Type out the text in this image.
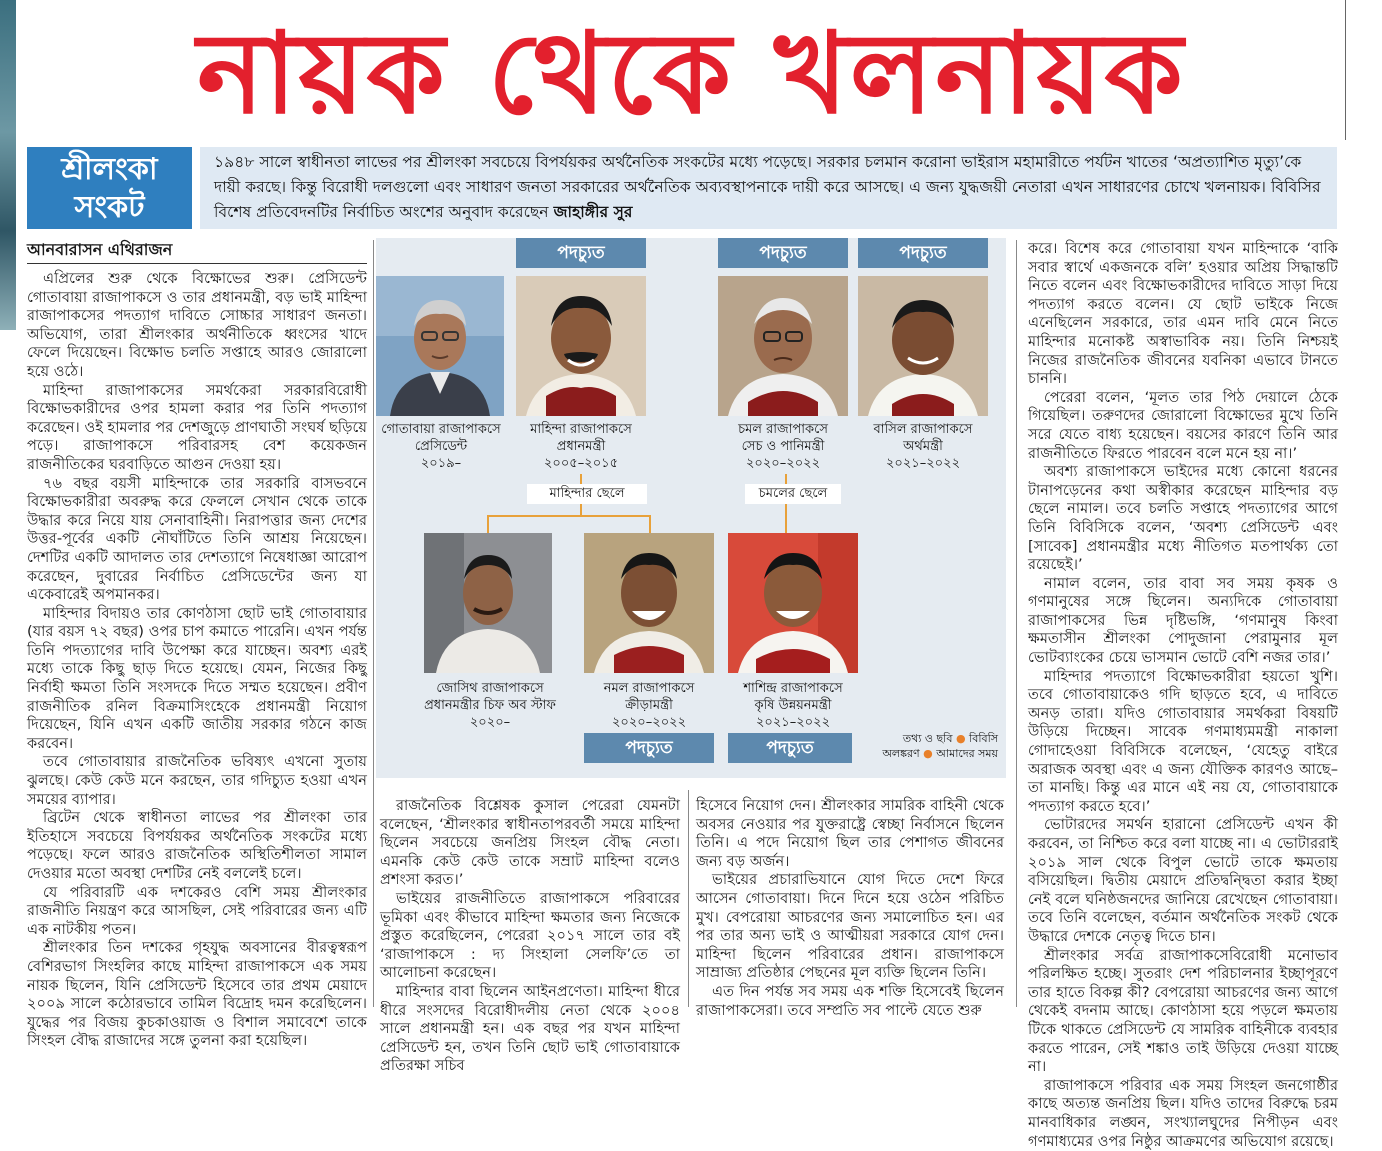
নায়ক থেকে খলনায়ক
শ্রীলংকা
সংকট
১৯৪৮ সালে স্বাধীনতা লাভের পর শ্রীলংকা সবচেয়ে বিপর্যয়কর অর্থনৈতিক সংকটের মধ্যে পড়েছে। সরকার চলমান করোনা ভাইরাস মহামারীতে পর্যটন খাতের ‘অপ্রত্যাশিত মৃত্যু’কে দায়ী করছে। কিন্তু বিরোধী দলগুলো এবং সাধারণ জনতা সরকারের অর্থনৈতিক অব্যবস্থাপনাকে দায়ী করে আসছে। এ জন্য যুদ্ধজয়ী নেতারা এখন সাধারণের চোখে খলনায়ক। বিবিসির বিশেষ প্রতিবেদনটির নির্বাচিত অংশের অনুবাদ করেছেন জাহাঙ্গীর সুর
আনবারাসন এথিরাজন

এপ্রিলের শুরু থেকে বিক্ষোভের শুরু। প্রেসিডেন্ট গোতাবায়া রাজাপাকসে ও তার প্রধানমন্ত্রী, বড় ভাই মাহিন্দা রাজাপাকসের পদত্যাগ দাবিতে সোচ্চার সাধারণ জনতা। অভিযোগ, তারা শ্রীলংকার অর্থনীতিকে ধ্বংসের খাদে ফেলে দিয়েছেন। বিক্ষোভ চলতি সপ্তাহে আরও জোরালো হয়ে ওঠে।

মাহিন্দা রাজাপাকসের সমর্থকেরা সরকারবিরোধী বিক্ষোভকারীদের ওপর হামলা করার পর তিনি পদত্যাগ করেছেন। ওই হামলার পর দেশজুড়ে প্রাণঘাতী সংঘর্ষ ছড়িয়ে পড়ে। রাজাপাকসে পরিবারসহ বেশ কয়েকজন রাজনীতিকের ঘরবাড়িতে আগুন দেওয়া হয়।

৭৬ বছর বয়সী মাহিন্দাকে তার সরকারি বাসভবনে বিক্ষোভকারীরা অবরুদ্ধ করে ফেললে সেখান থেকে তাকে উদ্ধার করে নিয়ে যায় সেনাবাহিনী। নিরাপত্তার জন্য দেশের উত্তর-পূর্বের একটি নৌঘাঁটিতে তিনি আশ্রয় নিয়েছেন। দেশটির একটি আদালত তার দেশত্যাগে নিষেধাজ্ঞা আরোপ করেছেন, দুবারের নির্বাচিত প্রেসিডেন্টের জন্য যা একেবারেই অপমানকর।

মাহিন্দার বিদায়ও তার কোণঠাসা ছোট ভাই গোতাবায়ার (যার বয়স ৭২ বছর) ওপর চাপ কমাতে পারেনি। এখন পর্যন্ত তিনি পদত্যাগের দাবি উপেক্ষা করে যাচ্ছেন। অবশ্য এরই মধ্যে তাকে কিছু ছাড় দিতে হয়েছে। যেমন, নিজের কিছু নির্বাহী ক্ষমতা তিনি সংসদকে দিতে সম্মত হয়েছেন। প্রবীণ রাজনীতিক রনিল বিক্রমাসিংহেকে প্রধানমন্ত্রী নিয়োগ দিয়েছেন, যিনি এখন একটি জাতীয় সরকার গঠনে কাজ করবেন।

তবে গোতাবায়ার রাজনৈতিক ভবিষ্যৎ এখনো সুতায় ঝুলছে। কেউ কেউ মনে করছেন, তার গদিচ্যুত হওয়া এখন সময়ের ব্যাপার।

ব্রিটেন থেকে স্বাধীনতা লাভের পর শ্রীলংকা তার ইতিহাসে সবচেয়ে বিপর্যয়কর অর্থনৈতিক সংকটের মধ্যে পড়েছে। ফলে আরও রাজনৈতিক অস্থিতিশীলতা সামাল দেওয়ার মতো অবস্থা দেশটির নেই বললেই চলে।

যে পরিবারটি এক দশকেরও বেশি সময় শ্রীলংকার রাজনীতি নিয়ন্ত্রণ করে আসছিল, সেই পরিবারের জন্য এটি এক নাটকীয় পতন।

শ্রীলংকার তিন দশকের গৃহযুদ্ধ অবসানের বীরত্বস্বরূপ বেশিরভাগ সিংহলির কাছে মাহিন্দা রাজাপাকসে এক সময় নায়ক ছিলেন, যিনি প্রেসিডেন্ট হিসেবে তার প্রথম মেয়াদে ২০০৯ সালে কঠোরভাবে তামিল বিদ্রোহ দমন করেছিলেন। যুদ্ধের পর বিজয় কুচকাওয়াজ ও বিশাল সমাবেশে তাকে সিংহল বৌদ্ধ রাজাদের সঙ্গে তুলনা করা হয়েছিল।

পদচ্যুত	পদচ্যুত	পদচ্যুত
গোতাবায়া রাজাপাকসে
প্রেসিডেন্ট
২০১৯–
মাহিন্দা রাজাপাকসে
প্রধানমন্ত্রী
২০০৫–২০১৫
চমল রাজাপাকসে
সেচ ও পানিমন্ত্রী
২০২০–২০২২
বাসিল রাজাপাকসে
অর্থমন্ত্রী
২০২১–২০২২
মাহিন্দার ছেলে	চমলের ছেলে
জোসিথ রাজাপাকসে
প্রধানমন্ত্রীর চিফ অব স্টাফ
২০২০–
নমল রাজাপাকসে
ক্রীড়ামন্ত্রী
২০২০–২০২২
শাশিন্দ্র রাজাপাকসে
কৃষি উন্নয়নমন্ত্রী
২০২১–২০২২
পদচ্যুত	পদচ্যুত	তথ্য ও ছবি ● বিবিসি
অলঙ্করণ ● আমাদের সময়

রাজনৈতিক বিশ্লেষক কুসাল পেরেরা যেমনটা বলেছেন, ‘শ্রীলংকার স্বাধীনতাপরবর্তী সময়ে মাহিন্দা ছিলেন সবচেয়ে জনপ্রিয় সিংহল বৌদ্ধ নেতা। এমনকি কেউ কেউ তাকে সম্রাট মাহিন্দা বলেও প্রশংসা করত।’

ভাইয়ের রাজনীতিতে রাজাপাকসে পরিবারের ভূমিকা এবং কীভাবে মাহিন্দা ক্ষমতার জন্য নিজেকে প্রস্তুত করেছিলেন, পেরেরা ২০১৭ সালে তার বই ‘রাজাপাকসে : দ্য সিংহালা সেলফি’তে তা আলোচনা করেছেন।

মাহিন্দার বাবা ছিলেন আইনপ্রণেতা। মাহিন্দা ধীরে ধীরে সংসদের বিরোধীদলীয় নেতা থেকে ২০০৪ সালে প্রধানমন্ত্রী হন। এক বছর পর যখন মাহিন্দা প্রেসিডেন্ট হন, তখন তিনি ছোট ভাই গোতাবায়াকে প্রতিরক্ষা সচিব

হিসেবে নিয়োগ দেন। শ্রীলংকার সামরিক বাহিনী থেকে অবসর নেওয়ার পর যুক্তরাষ্ট্রে স্বেচ্ছা নির্বাসনে ছিলেন তিনি। এ পদে নিয়োগ ছিল তার পেশাগত জীবনের জন্য বড় অর্জন।

ভাইয়ের প্রচারাভিযানে যোগ দিতে দেশে ফিরে আসেন গোতাবায়া। দিনে দিনে হয়ে ওঠেন পরিচিত মুখ। বেপরোয়া আচরণের জন্য সমালোচিত হন। এর পর তার অন্য ভাই ও আত্মীয়রা সরকারে যোগ দেন। মাহিন্দা ছিলেন পরিবারের প্রধান। রাজাপাকসে সাম্রাজ্য প্রতিষ্ঠার পেছনের মূল ব্যক্তি ছিলেন তিনি।

এত দিন পর্যন্ত সব সময় এক শক্তি হিসেবেই ছিলেন রাজাপাকসেরা। তবে সম্প্রতি সব পাল্টে যেতে শুরু

করে। বিশেষ করে গোতাবায়া যখন মাহিন্দাকে ‘বাকি সবার স্বার্থে একজনকে বলি’ হওয়ার অপ্রিয় সিদ্ধান্তটি নিতে বলেন এবং বিক্ষোভকারীদের দাবিতে সাড়া দিয়ে পদত্যাগ করতে বলেন। যে ছোট ভাইকে নিজে এনেছিলেন সরকারে, তার এমন দাবি মেনে নিতে মাহিন্দার মনোকষ্ট অস্বাভাবিক নয়। তিনি নিশ্চয়ই নিজের রাজনৈতিক জীবনের যবনিকা এভাবে টানতে চাননি।

পেরেরা বলেন, ‘মূলত তার পিঠ দেয়ালে ঠেকে গিয়েছিল। তরুণদের জোরালো বিক্ষোভের মুখে তিনি সরে যেতে বাধ্য হয়েছেন। বয়সের কারণে তিনি আর রাজনীতিতে ফিরতে পারবেন বলে মনে হয় না।’

অবশ্য রাজাপাকসে ভাইদের মধ্যে কোনো ধরনের টানাপড়েনের কথা অস্বীকার করেছেন মাহিন্দার বড় ছেলে নামাল। তবে চলতি সপ্তাহে পদত্যাগের আগে তিনি বিবিসিকে বলেন, ‘অবশ্য প্রেসিডেন্ট এবং [সাবেক] প্রধানমন্ত্রীর মধ্যে নীতিগত মতপার্থক্য তো রয়েছেই।’

নামাল বলেন, তার বাবা সব সময় কৃষক ও গণমানুষের সঙ্গে ছিলেন। অন্যদিকে গোতাবায়া রাজাপাকসের ভিন্ন দৃষ্টিভঙ্গি, ‘গণমানুষ কিংবা ক্ষমতাসীন শ্রীলংকা পোদুজানা পেরামুনার মূল ভোটব্যাংকের চেয়ে ভাসমান ভোটে বেশি নজর তার।’

মাহিন্দার পদত্যাগে বিক্ষোভকারীরা হয়তো খুশি। তবে গোতাবায়াকেও গদি ছাড়তে হবে, এ দাবিতে অনড় তারা। যদিও গোতাবায়ার সমর্থকরা বিষয়টি উড়িয়ে দিচ্ছেন। সাবেক গণমাধ্যমমন্ত্রী নাকালা গোদাহেওয়া বিবিসিকে বলেছেন, ‘যেহেতু বাইরে অরাজক অবস্থা এবং এ জন্য যৌক্তিক কারণও আছে– তা মানছি। কিন্তু এর মানে এই নয় যে, গোতাবায়াকে পদত্যাগ করতে হবে।’

ভোটারদের সমর্থন হারানো প্রেসিডেন্ট এখন কী করবেন, তা নিশ্চিত করে বলা যাচ্ছে না। এ ভোটাররাই ২০১৯ সাল থেকে বিপুল ভোটে তাকে ক্ষমতায় বসিয়েছিল। দ্বিতীয় মেয়াদে প্রতিদ্বন্দ্বিতা করার ইচ্ছা নেই বলে ঘনিষ্ঠজনদের জানিয়ে রেখেছেন গোতাবায়া। তবে তিনি বলেছেন, বর্তমান অর্থনৈতিক সংকট থেকে উদ্ধারে দেশকে নেতৃত্ব দিতে চান।

শ্রীলংকার সর্বত্র রাজাপাকসেবিরোধী মনোভাব পরিলক্ষিত হচ্ছে। সুতরাং দেশ পরিচালনার ইচ্ছাপূরণে তার হাতে বিকল্প কী? বেপরোয়া আচরণের জন্য আগে থেকেই বদনাম আছে। কোণঠাসা হয়ে পড়লে ক্ষমতায় টিকে থাকতে প্রেসিডেন্ট যে সামরিক বাহিনীকে ব্যবহার করতে পারেন, সেই শঙ্কাও তাই উড়িয়ে দেওয়া যাচ্ছে না।

রাজাপাকসে পরিবার এক সময় সিংহল জনগোষ্ঠীর কাছে অত্যন্ত জনপ্রিয় ছিল। যদিও তাদের বিরুদ্ধে চরম মানবাধিকার লঙ্ঘন, সংখ্যালঘুদের নিপীড়ন এবং গণমাধ্যমের ওপর নিষ্ঠুর আক্রমণের অভিযোগ রয়েছে।
